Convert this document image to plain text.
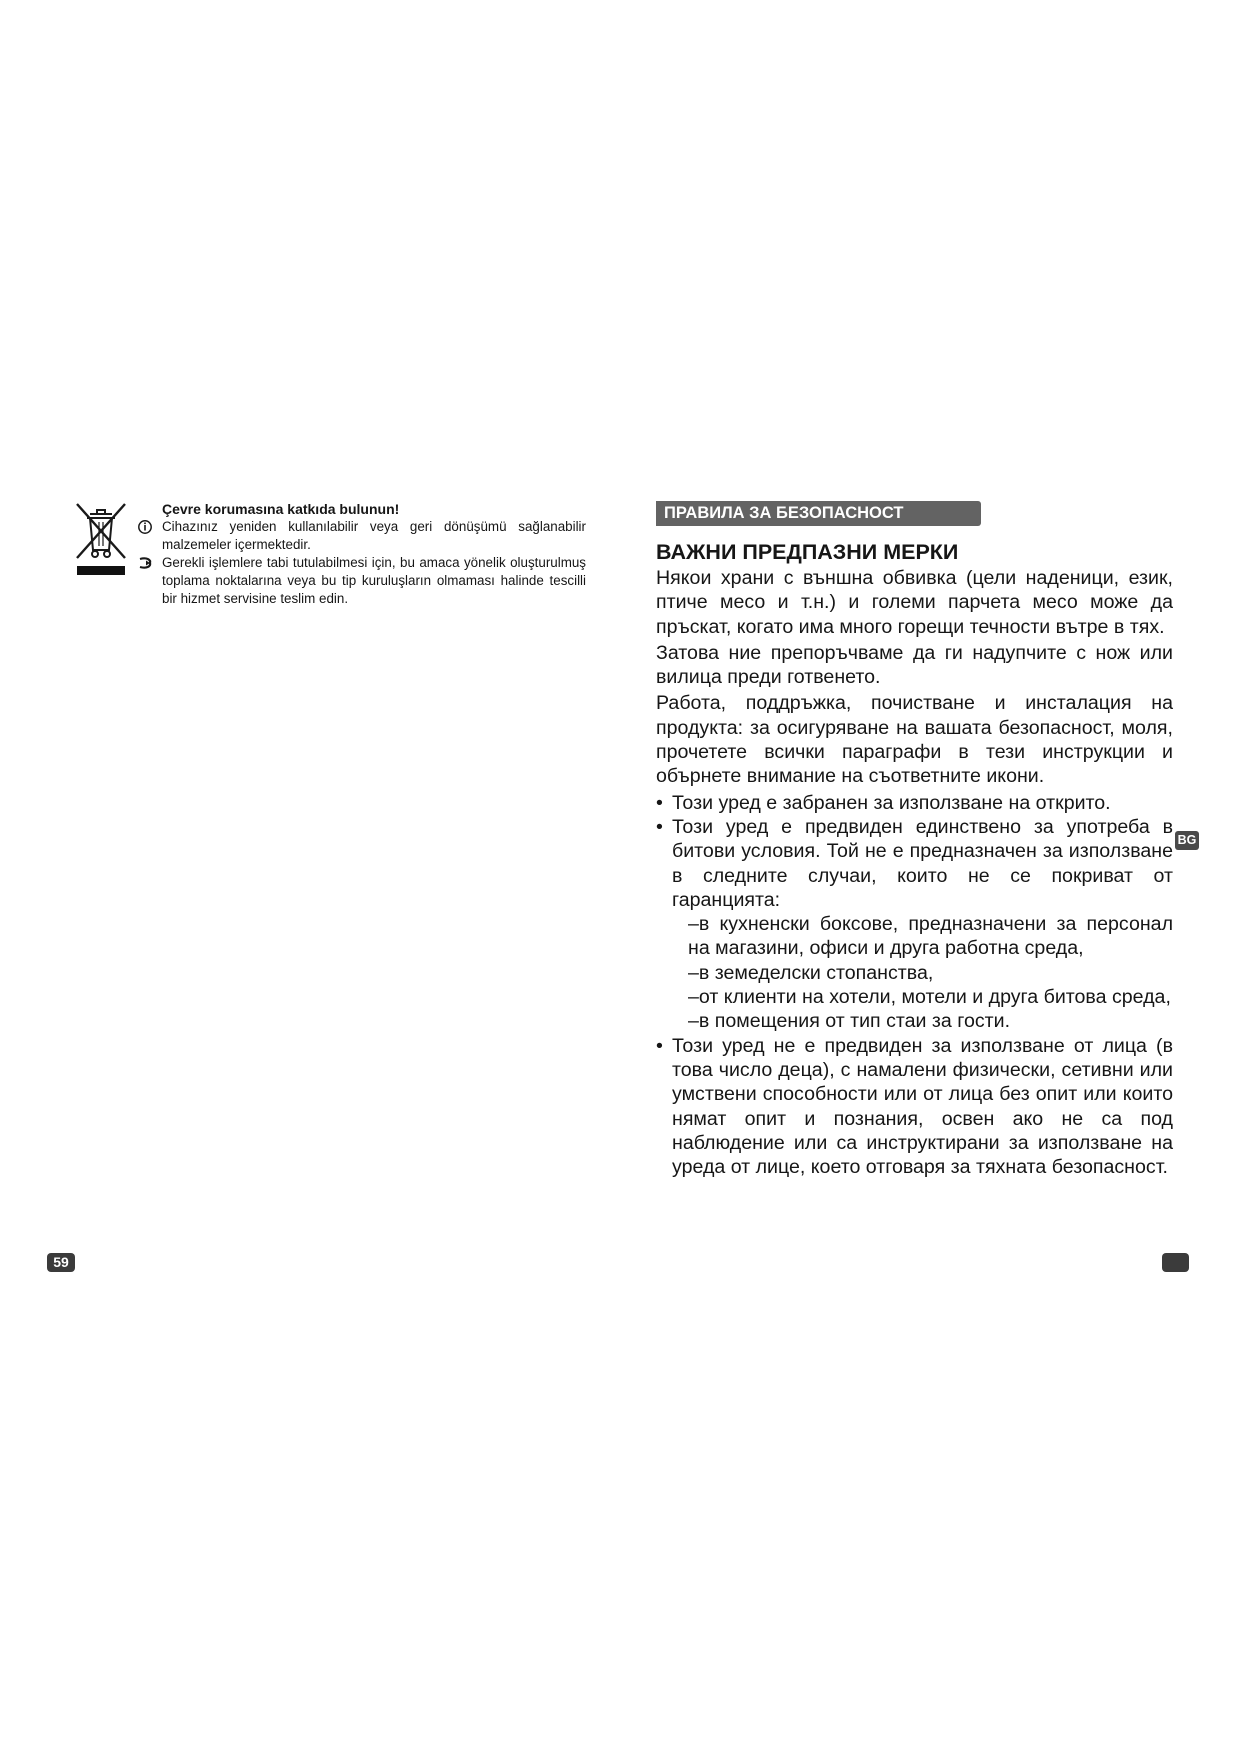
Çevre korumasına katkıda bulunun!
Cihazınız yeniden kullanılabilir veya geri dönüşümü sağlanabilir malzemeler içermektedir.
Gerekli işlemlere tabi tutulabilmesi için, bu amaca yönelik oluşturulmuş toplama noktalarına veya bu tip kuruluşların olmaması halinde tescilli bir hizmet servisine teslim edin.
59
ПРАВИЛА ЗА БЕЗОПАСНОСТ
ВАЖНИ ПРЕДПАЗНИ МЕРКИ
Някои храни с външна обвивка (цели наденици, език, птиче месо и т.н.) и големи парчета месо може да пръскат, когато има много горещи течности вътре в тях.
Затова ние препоръчваме да ги надупчите с нож или вилица преди готвенето.
Работа, поддръжка, почистване и инсталация на продукта: за осигуряване на вашата безопасност, моля, прочетете всички параграфи в тези инструкции и обърнете внимание на съответните икони.
• Този уред е забранен за използване на открито.
• Този уред е предвиден единствено за употреба в битови условия. Той не е предназначен за използване в следните случаи, които не се покриват от гаранцията:
–в кухненски боксове, предназначени за персонал на магазини, офиси и друга работна среда,
–в земеделски стопанства,
–от клиенти на хотели, мотели и друга битова среда,
–в помещения от тип стаи за гости.
• Този уред не е предвиден за използване от лица (в това число деца), с намалени физически, сетивни или умствени способности или от лица без опит или които нямат опит и познания, освен ако не са под наблюдение или са инструктирани за използване на уреда от лице, което отговаря за тяхната безопасност.
BG
